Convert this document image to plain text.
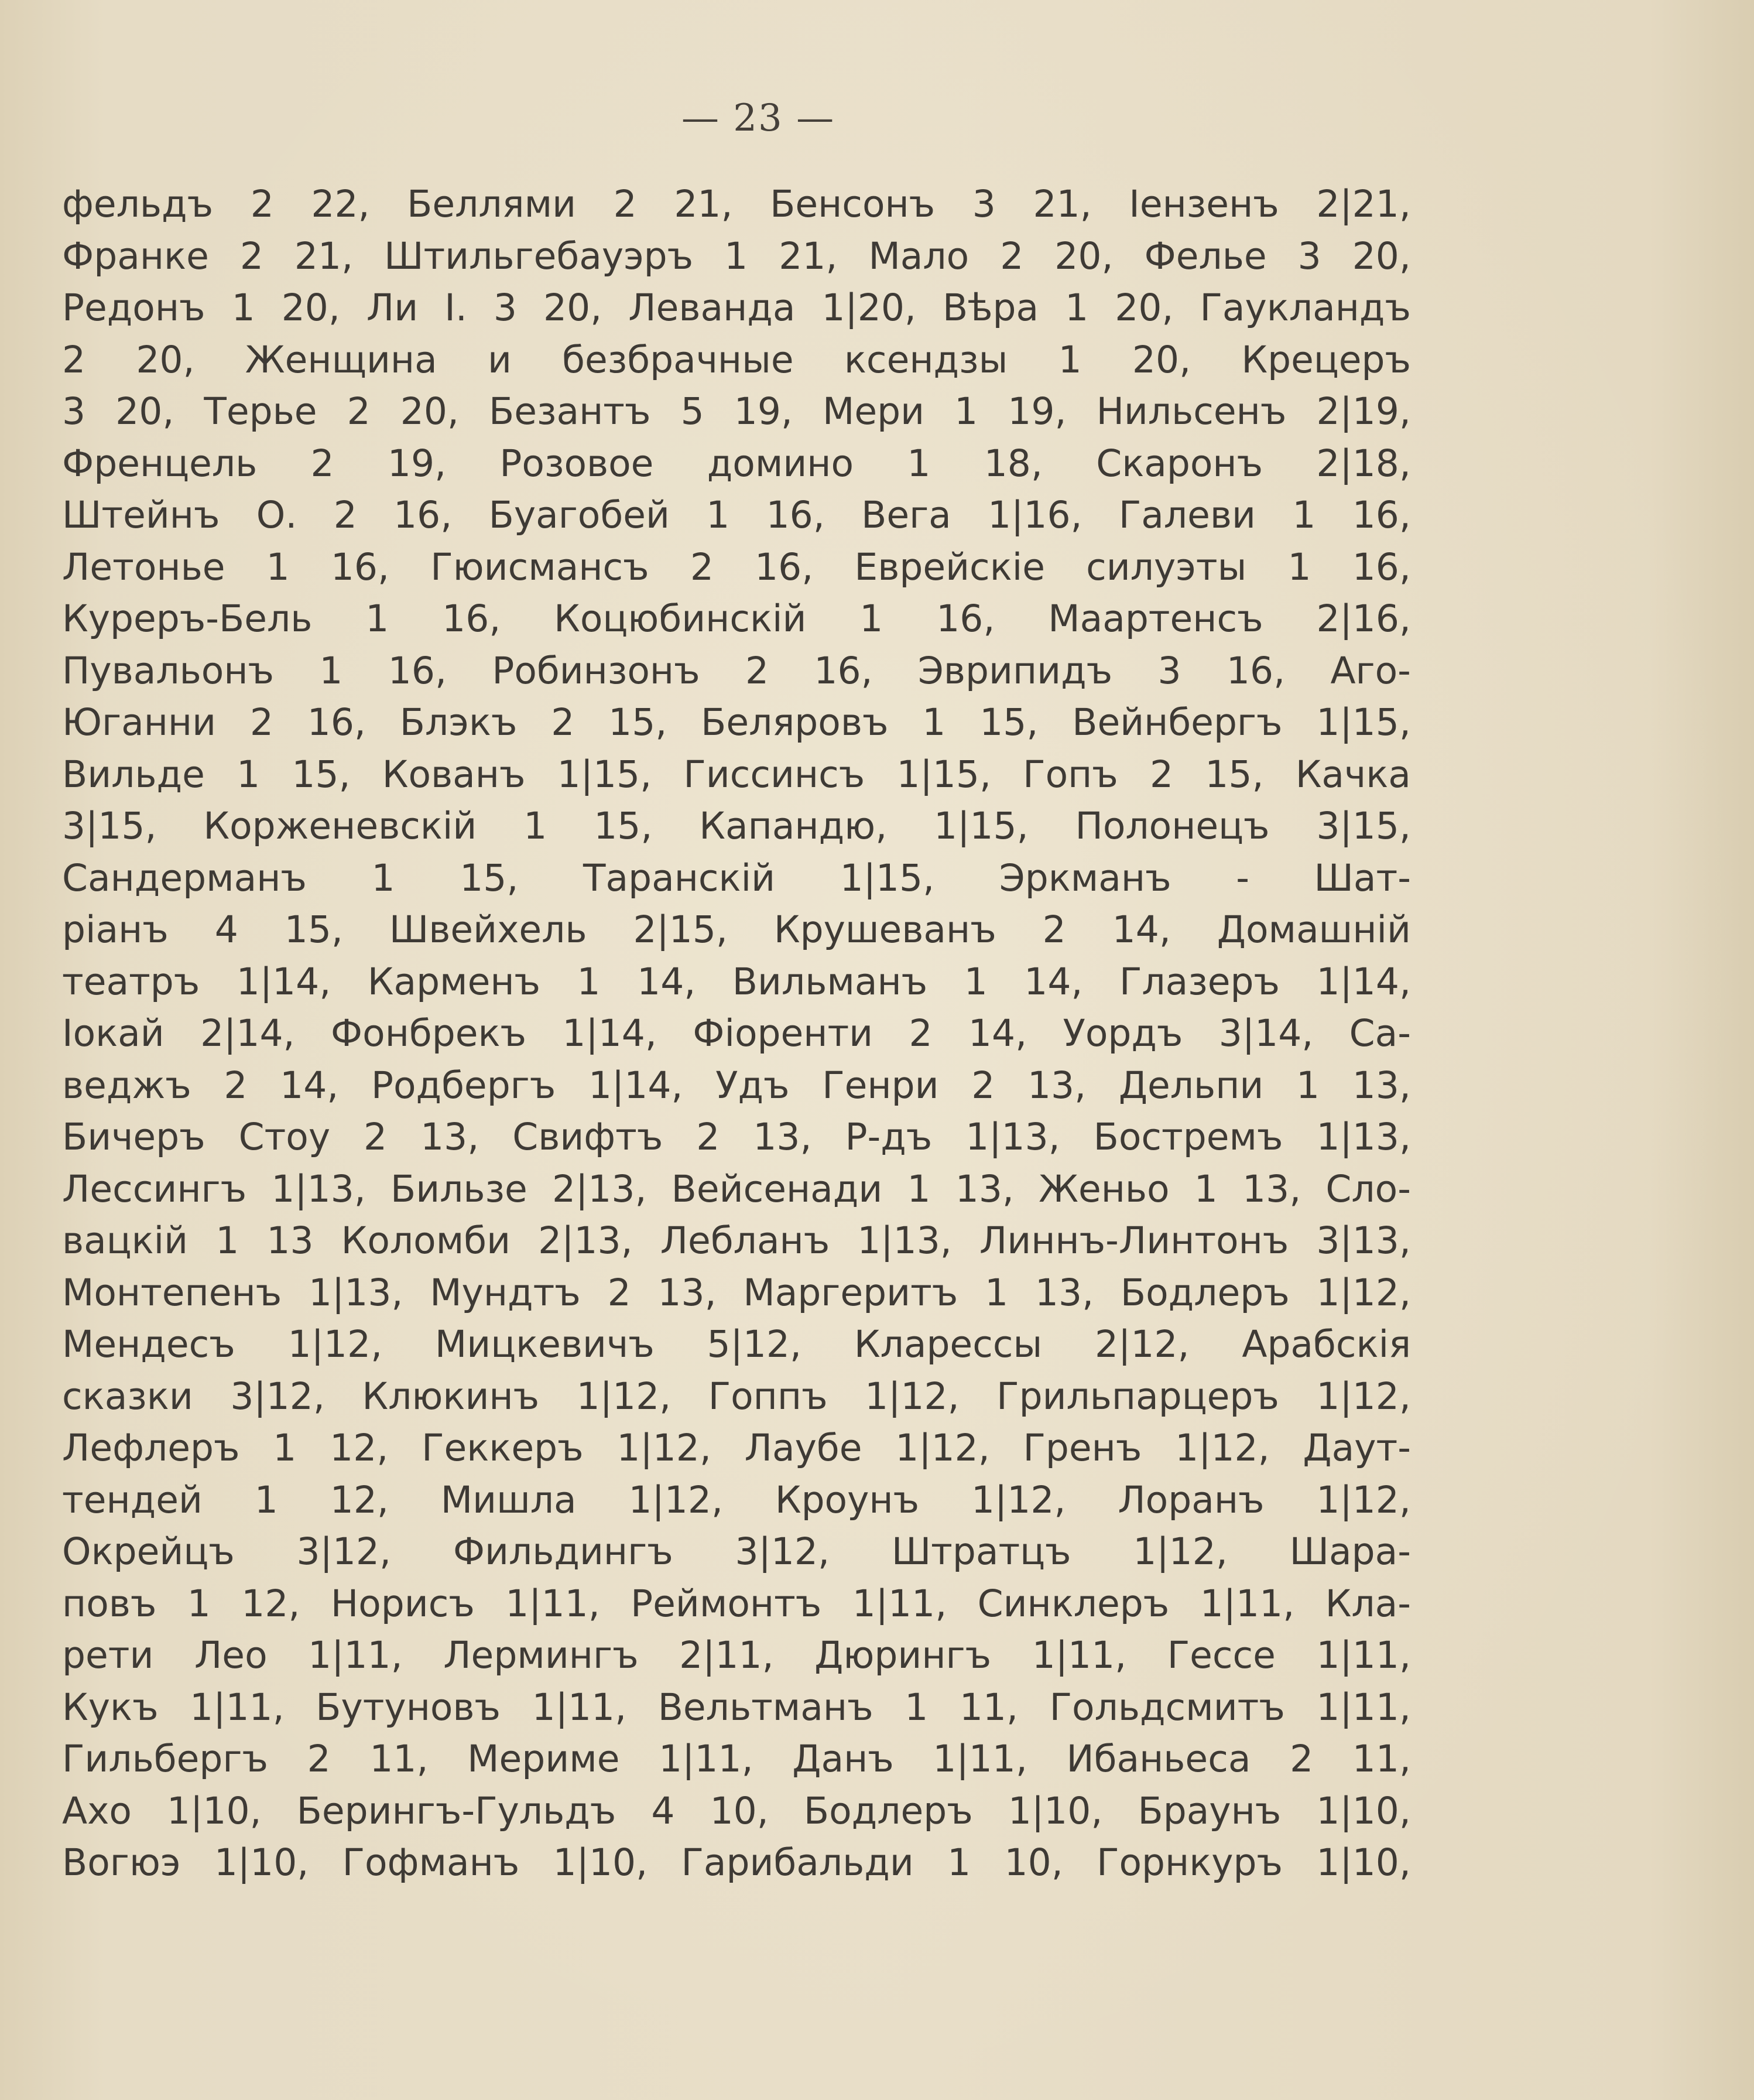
— 23 —
фельдъ 2 22, Беллями 2 21, Бенсонъ 3 21, Іензенъ 2|21,
Франке 2 21, Штильгебауэръ 1 21, Мало 2 20, Фелье 3 20,
Редонъ 1 20, Ли І. 3 20, Леванда 1|20, Вѣра 1 20, Гаукландъ
2 20, Женщина и безбрачные ксендзы 1 20, Крецеръ
3 20, Терье 2 20, Безантъ 5 19, Мери 1 19, Нильсенъ 2|19,
Френцель 2 19, Розовое домино 1 18, Скаронъ 2|18,
Штейнъ О. 2 16, Буагобей 1 16, Вега 1|16, Галеви 1 16,
Летонье 1 16, Гюисмансъ 2 16, Еврейскіе силуэты 1 16,
Куреръ-Бель 1 16, Коцюбинскій 1 16, Маартенсъ 2|16,
Пувальонъ 1 16, Робинзонъ 2 16, Эврипидъ 3 16, Аго-
Юганни 2 16, Блэкъ 2 15, Беляровъ 1 15, Вейнбергъ 1|15,
Вильде 1 15, Кованъ 1|15, Гиссинсъ 1|15, Гопъ 2 15, Качка
3|15, Корженевскій 1 15, Капандю, 1|15, Полонецъ 3|15,
Сандерманъ 1 15, Таранскій 1|15, Эркманъ - Шат-
ріанъ 4 15, Швейхель 2|15, Крушеванъ 2 14, Домашній
театръ 1|14, Карменъ 1 14, Вильманъ 1 14, Глазеръ 1|14,
Іокай 2|14, Фонбрекъ 1|14, Фіоренти 2 14, Уордъ 3|14, Са-
веджъ 2 14, Родбергъ 1|14, Удъ Генри 2 13, Дельпи 1 13,
Бичеръ Стоу 2 13, Свифтъ 2 13, Р-дъ 1|13, Бостремъ 1|13,
Лессингъ 1|13, Бильзе 2|13, Вейсенади 1 13, Женьо 1 13, Сло-
вацкій 1 13 Коломби 2|13, Лебланъ 1|13, Линнъ-Линтонъ 3|13,
Монтепенъ 1|13, Мундтъ 2 13, Маргеритъ 1 13, Бодлеръ 1|12,
Мендесъ 1|12, Мицкевичъ 5|12, Кларессы 2|12, Арабскія
сказки 3|12, Клюкинъ 1|12, Гоппъ 1|12, Грильпарцеръ 1|12,
Лефлеръ 1 12, Геккеръ 1|12, Лаубе 1|12, Гренъ 1|12, Даут-
тендей 1 12, Мишла 1|12, Кроунъ 1|12, Лоранъ 1|12,
Окрейцъ 3|12, Фильдингъ 3|12, Штратцъ 1|12, Шара-
повъ 1 12, Норисъ 1|11, Реймонтъ 1|11, Синклеръ 1|11, Кла-
рети Лео 1|11, Лермингъ 2|11, Дюрингъ 1|11, Гессе 1|11,
Кукъ 1|11, Бутуновъ 1|11, Вельтманъ 1 11, Гольдсмитъ 1|11,
Гильбергъ 2 11, Мериме 1|11, Данъ 1|11, Ибаньеса 2 11,
Ахо 1|10, Берингъ-Гульдъ 4 10, Бодлеръ 1|10, Браунъ 1|10,
Вогюэ 1|10, Гофманъ 1|10, Гарибальди 1 10, Горнкуръ 1|10,
